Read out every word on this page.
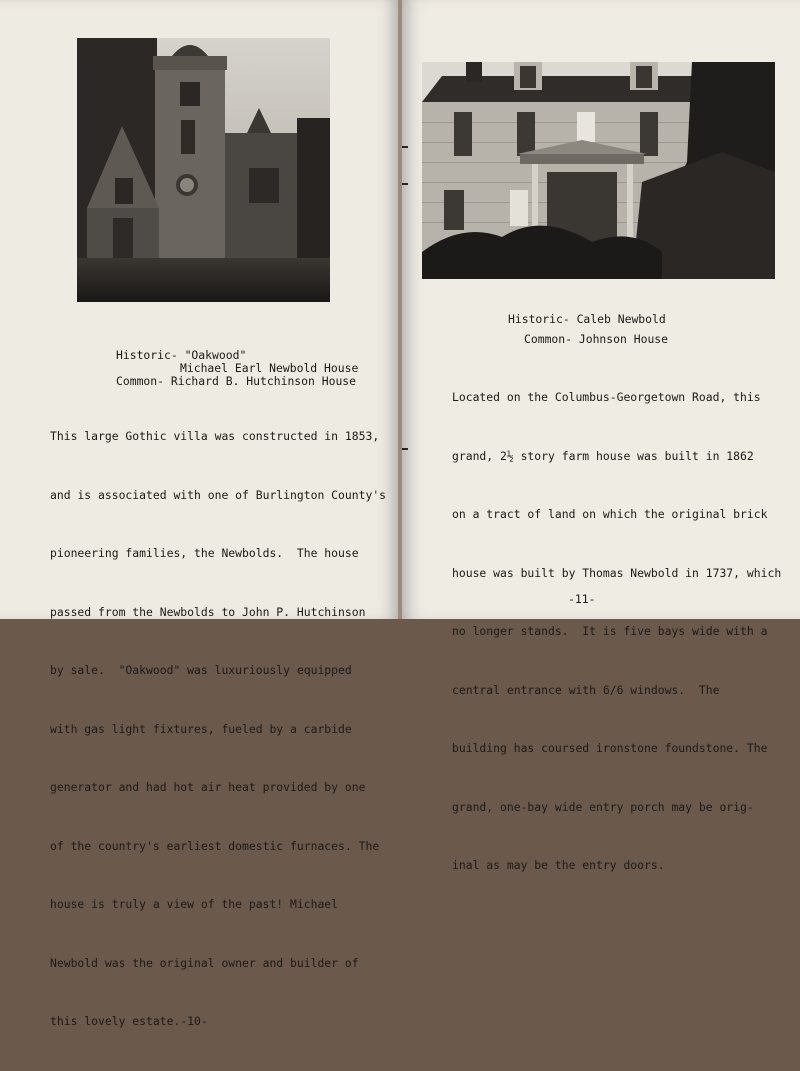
Historic- "Oakwood"

Michael Earl Newbold House

Common- Richard B. Hutchinson House

This large Gothic villa was constructed in 1853,

and is associated with one of Burlington County's

pioneering families, the Newbolds.  The house

passed from the Newbolds to John P. Hutchinson

by sale.  "Oakwood" was luxuriously equipped

with gas light fixtures, fueled by a carbide

generator and had hot air heat provided by one

of the country's earliest domestic furnaces. The

house is truly a view of the past! Michael

Newbold was the original owner and builder of

this lovely estate.-10-

Historic- Caleb Newbold

Common- Johnson House

Located on the Columbus-Georgetown Road, this

grand, 2½ story farm house was built in 1862

on a tract of land on which the original brick

house was built by Thomas Newbold in 1737, which

no longer stands.  It is five bays wide with a

central entrance with 6/6 windows.  The

building has coursed ironstone foundstone. The

grand, one-bay wide entry porch may be orig-

inal as may be the entry doors.

-11-
